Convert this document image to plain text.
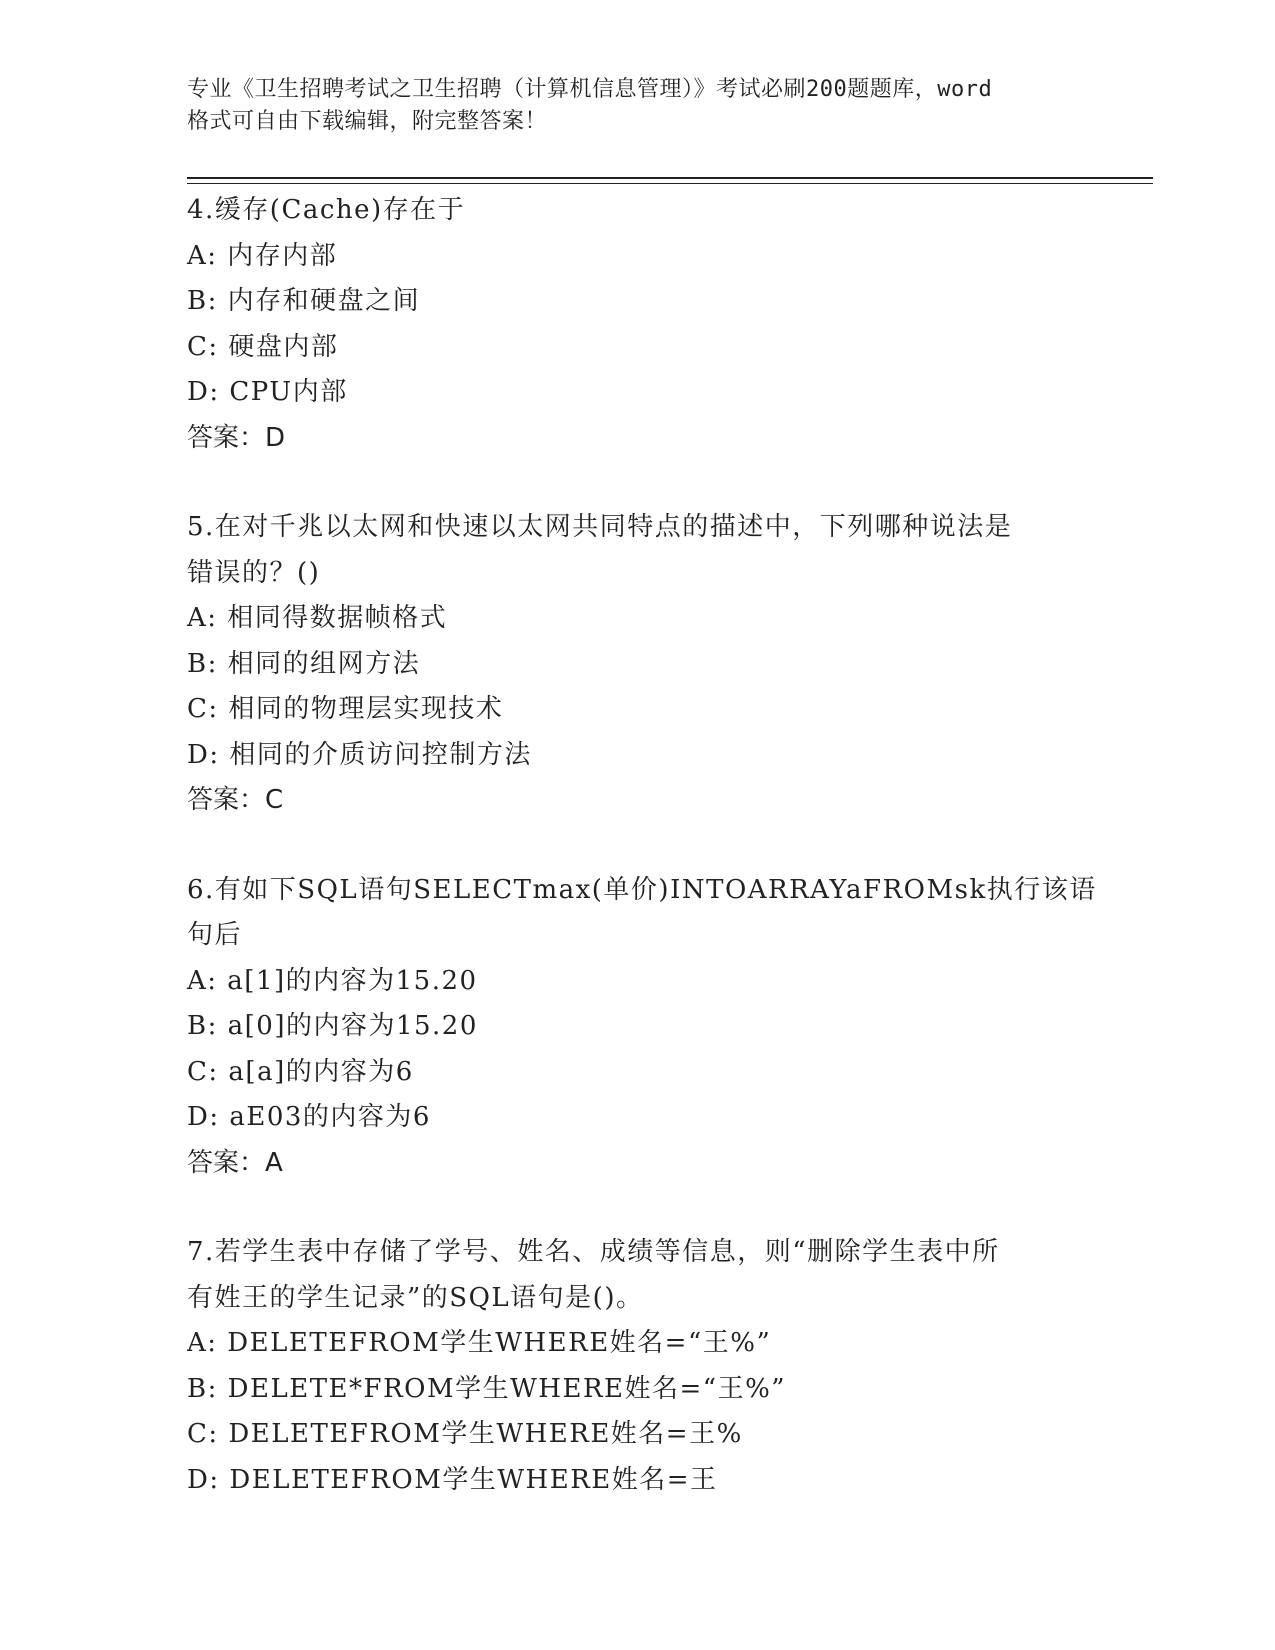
专业《卫生招聘考试之卫生招聘（计算机信息管理）》考试必刷200题题库，word
格式可自由下载编辑，附完整答案！
4.缓存(Cache)存在于
A: 内存内部
B: 内存和硬盘之间
C: 硬盘内部
D: CPU内部
答案：D
5.在对千兆以太网和快速以太网共同特点的描述中，下列哪种说法是
错误的？()
A: 相同得数据帧格式
B: 相同的组网方法
C: 相同的物理层实现技术
D: 相同的介质访问控制方法
答案：C
6.有如下SQL语句SELECTmax(单价)INTOARRAYaFROMsk执行该语句后
A: a[1]的内容为15.20
B: a[0]的内容为15.20
C: a[a]的内容为6
D: aE03的内容为6
答案：A
7.若学生表中存储了学号、姓名、成绩等信息，则“删除学生表中所
有姓王的学生记录”的SQL语句是()。
A: DELETEFROM学生WHERE姓名=“王%”
B: DELETE*FROM学生WHERE姓名=“王%”
C: DELETEFROM学生WHERE姓名=王%
D: DELETEFROM学生WHERE姓名=王
